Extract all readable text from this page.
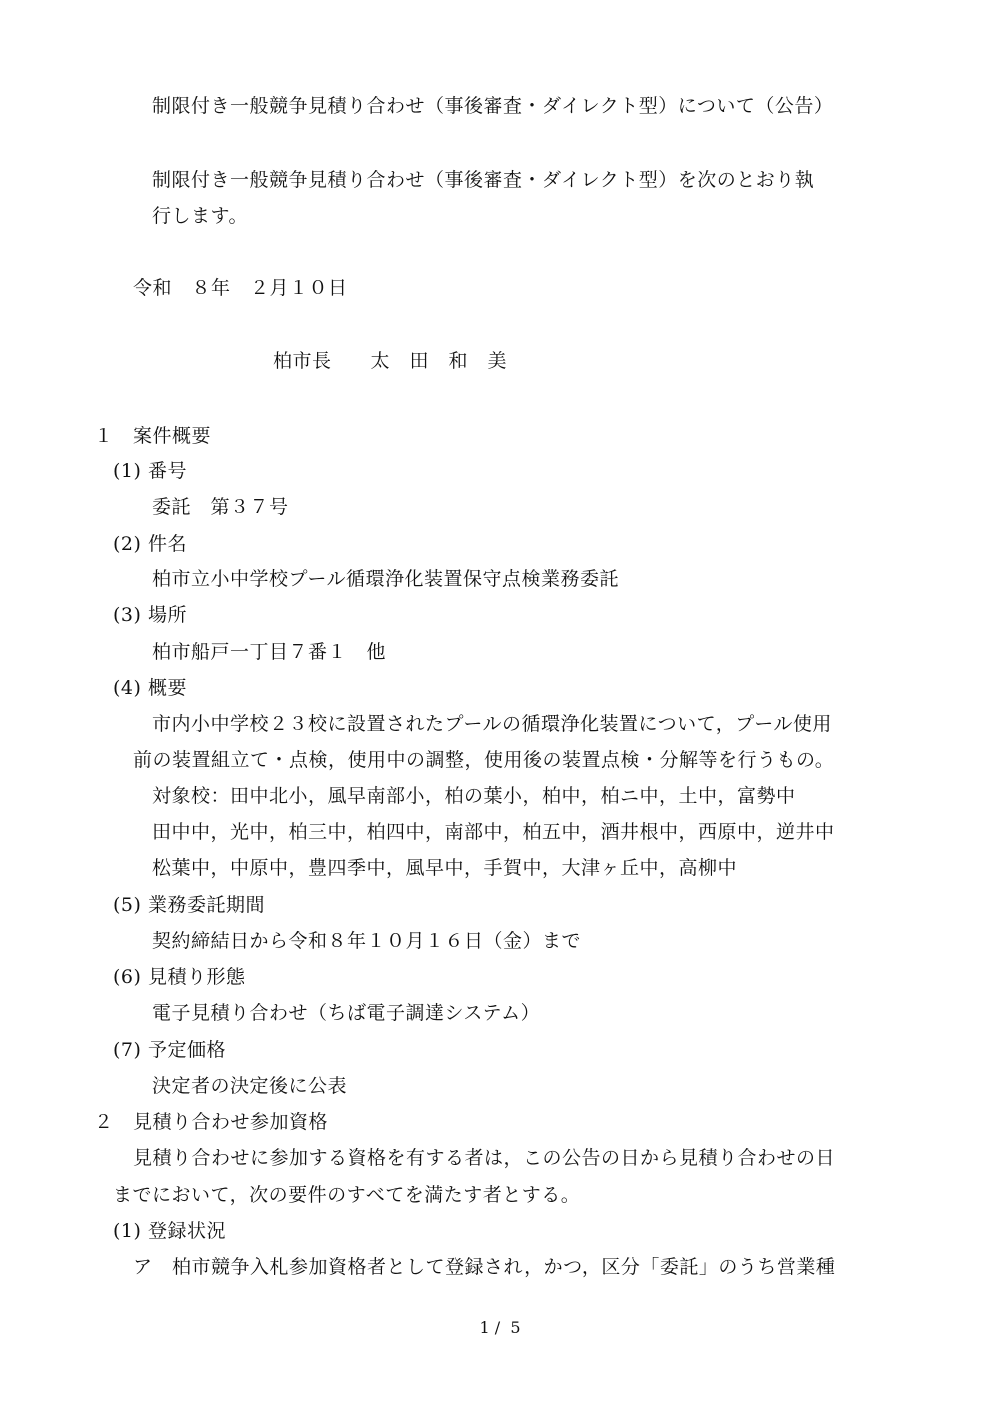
制限付き一般競争見積り合わせ（事後審査・ダイレクト型）について（公告）
制限付き一般競争見積り合わせ（事後審査・ダイレクト型）を次のとおり執
行します。
令和　８年　２月１０日
柏市長　　太　田　和　美
１　案件概要
(1) 番号
委託　第３７号
(2) 件名
柏市立小中学校プール循環浄化装置保守点検業務委託
(3) 場所
柏市船戸一丁目７番１　他
(4) 概要
市内小中学校２３校に設置されたプールの循環浄化装置について，プール使用
前の装置組立て・点検，使用中の調整，使用後の装置点検・分解等を行うもの。
対象校：田中北小，風早南部小，柏の葉小，柏中，柏ニ中，土中，富勢中
田中中，光中，柏三中，柏四中，南部中，柏五中，酒井根中，西原中，逆井中
松葉中，中原中，豊四季中，風早中，手賀中，大津ヶ丘中，高柳中
(5) 業務委託期間
契約締結日から令和８年１０月１６日（金）まで
(6) 見積り形態
電子見積り合わせ（ちば電子調達システム）
(7) 予定価格
決定者の決定後に公表
２　見積り合わせ参加資格
見積り合わせに参加する資格を有する者は，この公告の日から見積り合わせの日
までにおいて，次の要件のすべてを満たす者とする。
(1) 登録状況
ア　柏市競争入札参加資格者として登録され，かつ，区分「委託」のうち営業種
1 /  5
